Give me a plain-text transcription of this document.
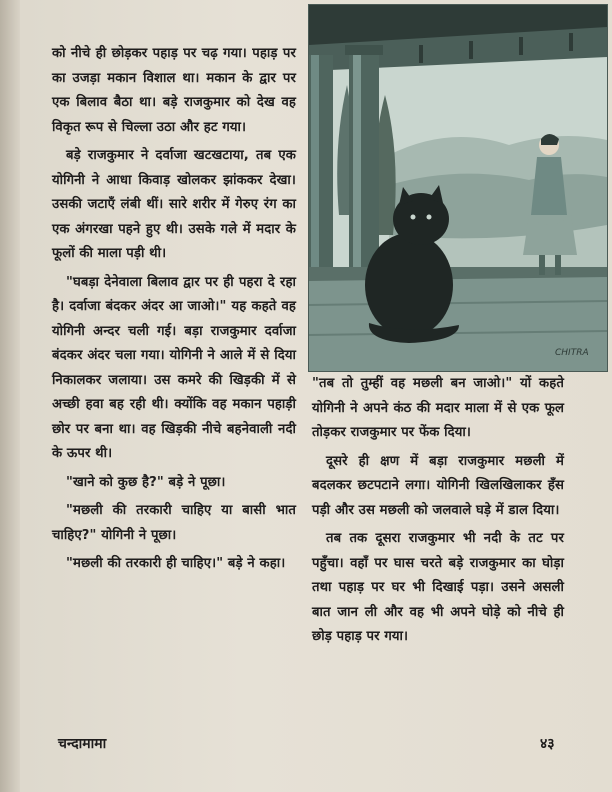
को नीचे ही छोड़कर पहाड़ पर चढ़ गया। पहाड़ पर का उजड़ा मकान विशाल था। मकान के द्वार पर एक बिलाव बैठा था। बड़े राजकुमार को देख वह विकृत रूप से चिल्ला उठा और हट गया।

बड़े राजकुमार ने दर्वाजा खटखटाया, तब एक योगिनी ने आधा किवाड़ खोलकर झांककर देखा। उसकी जटाएँ लंबी थीं। सारे शरीर में गेरुए रंग का एक अंगरखा पहने हुए थी। उसके गले में मदार के फूलों की माला पड़ी थी।

"घबड़ा देनेवाला बिलाव द्वार पर ही पहरा दे रहा है। दर्वाजा बंदकर अंदर आ जाओ।" यह कहते वह योगिनी अन्दर चली गई। बड़ा राजकुमार दर्वाजा बंदकर अंदर चला गया। योगिनी ने आले में से दिया निकालकर जलाया। उस कमरे की खिड़की में से अच्छी हवा बह रही थी। क्योंकि वह मकान पहाड़ी छोर पर बना था। वह खिड़की नीचे बहनेवाली नदी के ऊपर थी।

"खाने को कुछ है?" बड़े ने पूछा।

"मछली की तरकारी चाहिए या बासी भात चाहिए?" योगिनी ने पूछा।

"मछली की तरकारी ही चाहिए।" बड़े ने कहा।

CHITRA

"तब तो तुम्हीं वह मछली बन जाओ।" यों कहते योगिनी ने अपने कंठ की मदार माला में से एक फूल तोड़कर राजकुमार पर फेंक दिया।

दूसरे ही क्षण में बड़ा राजकुमार मछली में बदलकर छटपटाने लगा। योगिनी खिलखिलाकर हँस पड़ी और उस मछली को जलवाले घड़े में डाल दिया।

तब तक दूसरा राजकुमार भी नदी के तट पर पहुँचा। वहाँ पर घास चरते बड़े राजकुमार का घोड़ा तथा पहाड़ पर घर भी दिखाई पड़ा। उसने असली बात जान ली और वह भी अपने घोड़े को नीचे ही छोड़ पहाड़ पर गया।

चन्दामामा	४३
